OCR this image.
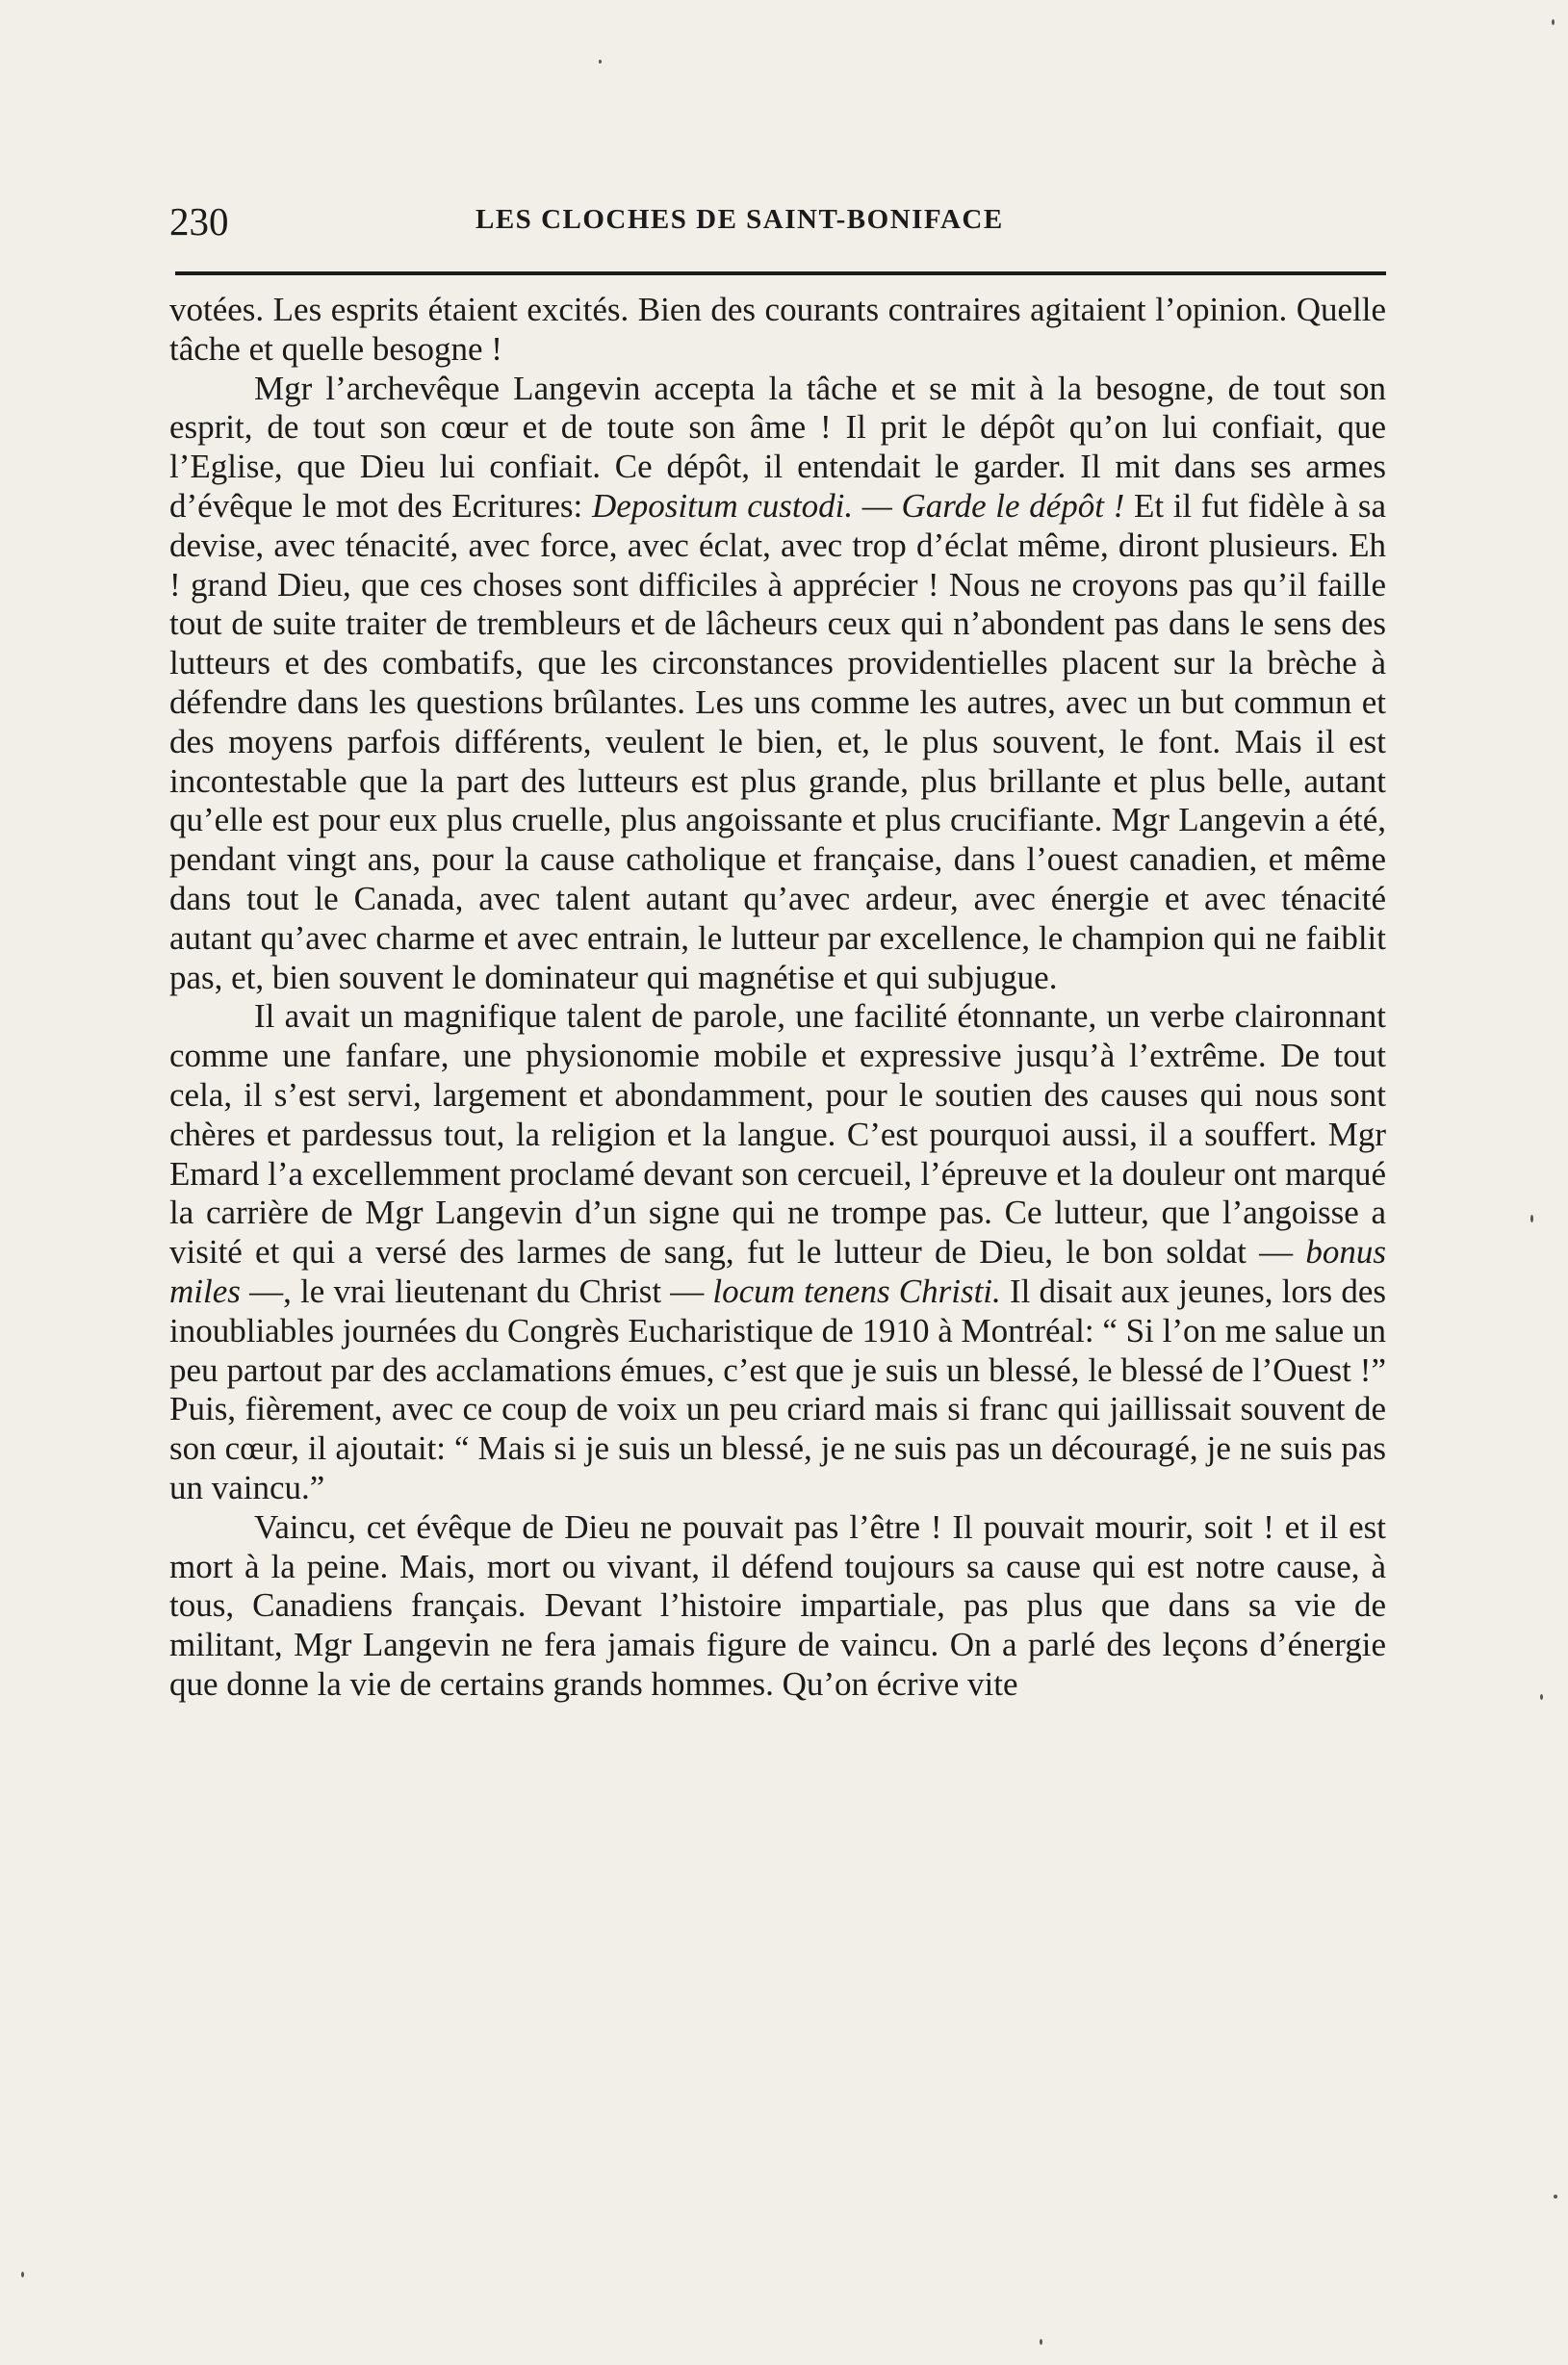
230	LES CLOCHES DE SAINT-BONIFACE

votées. Les esprits étaient excités. Bien des courants contraires agitaient l’opinion. Quelle tâche et quelle besogne !

Mgr l’archevêque Langevin accepta la tâche et se mit à la besogne, de tout son esprit, de tout son cœur et de toute son âme ! Il prit le dépôt qu’on lui confiait, que l’Eglise, que Dieu lui confiait. Ce dépôt, il entendait le garder. Il mit dans ses armes d’évêque le mot des Ecritures: Depositum custodi. — Garde le dépôt ! Et il fut fidèle à sa devise, avec ténacité, avec force, avec éclat, avec trop d’éclat même, diront plusieurs. Eh ! grand Dieu, que ces choses sont difficiles à apprécier ! Nous ne croyons pas qu’il faille tout de suite traiter de trembleurs et de lâcheurs ceux qui n’abondent pas dans le sens des lutteurs et des combatifs, que les circonstances providentielles placent sur la brèche à défendre dans les questions brûlantes. Les uns comme les autres, avec un but commun et des moyens parfois différents, veulent le bien, et, le plus souvent, le font. Mais il est incontestable que la part des lutteurs est plus grande, plus brillante et plus belle, autant qu’elle est pour eux plus cruelle, plus angoissante et plus crucifiante. Mgr Langevin a été, pendant vingt ans, pour la cause catholique et française, dans l’ouest canadien, et même dans tout le Canada, avec talent autant qu’avec ardeur, avec énergie et avec ténacité autant qu’avec charme et avec entrain, le lutteur par excellence, le champion qui ne faiblit pas, et, bien souvent le dominateur qui magnétise et qui subjugue.

Il avait un magnifique talent de parole, une facilité étonnante, un verbe claironnant comme une fanfare, une physionomie mobile et expressive jusqu’à l’extrême. De tout cela, il s’est servi, largement et abondamment, pour le soutien des causes qui nous sont chères et pardessus tout, la religion et la langue. C’est pourquoi aussi, il a souffert. Mgr Emard l’a excellemment proclamé devant son cercueil, l’épreuve et la douleur ont marqué la carrière de Mgr Langevin d’un signe qui ne trompe pas. Ce lutteur, que l’angoisse a visité et qui a versé des larmes de sang, fut le lutteur de Dieu, le bon soldat — bonus miles —, le vrai lieutenant du Christ — locum tenens Christi. Il disait aux jeunes, lors des inoubliables journées du Congrès Eucharistique de 1910 à Montréal: “ Si l’on me salue un peu partout par des acclamations émues, c’est que je suis un blessé, le blessé de l’Ouest !” Puis, fièrement, avec ce coup de voix un peu criard mais si franc qui jaillissait souvent de son cœur, il ajoutait: “ Mais si je suis un blessé, je ne suis pas un découragé, je ne suis pas un vaincu.”

Vaincu, cet évêque de Dieu ne pouvait pas l’être ! Il pouvait mourir, soit ! et il est mort à la peine. Mais, mort ou vivant, il défend toujours sa cause qui est notre cause, à tous, Canadiens français. Devant l’histoire impartiale, pas plus que dans sa vie de militant, Mgr Langevin ne fera jamais figure de vaincu. On a parlé des leçons d’énergie que donne la vie de certains grands hommes. Qu’on écrive vite
